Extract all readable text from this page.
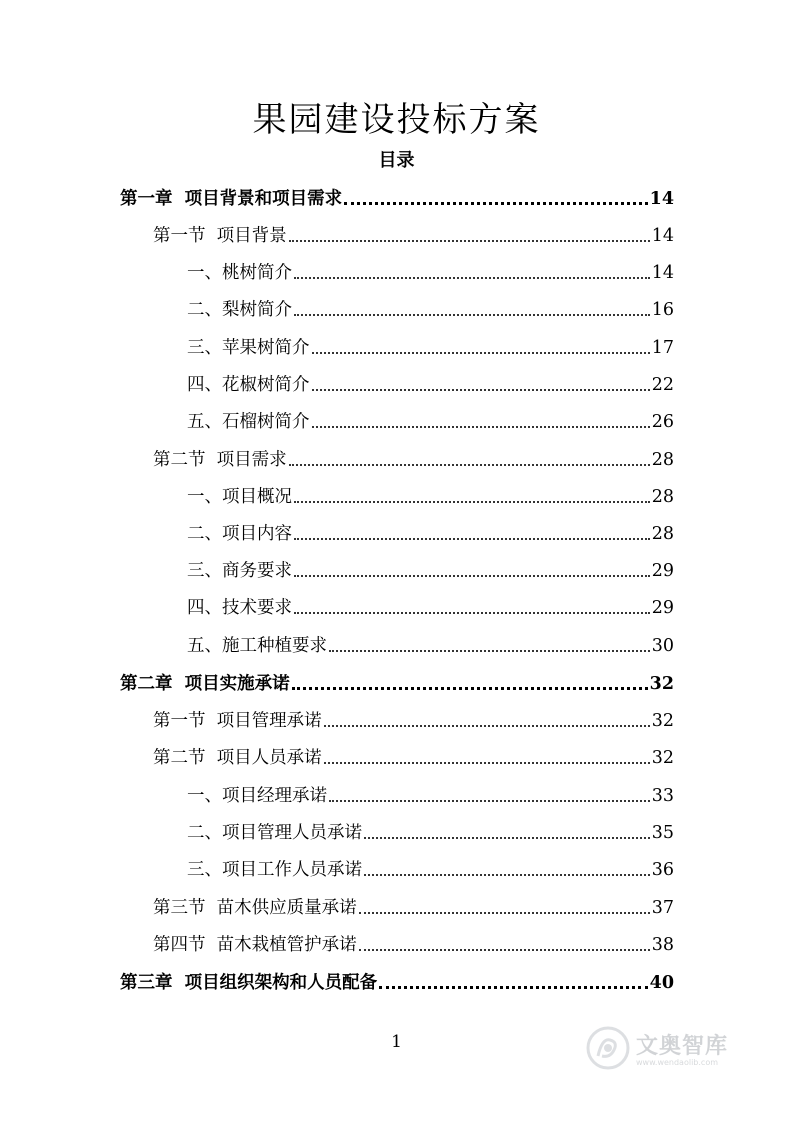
果园建设投标方案
目录
第一章  项目背景和项目需求	14
第一节  项目背景	14
一、桃树简介	14
二、梨树简介	16
三、苹果树简介	17
四、花椒树简介	22
五、石榴树简介	26
第二节  项目需求	28
一、项目概况	28
二、项目内容	28
三、商务要求	29
四、技术要求	29
五、施工种植要求	30
第二章  项目实施承诺	32
第一节  项目管理承诺	32
第二节  项目人员承诺	32
一、项目经理承诺	33
二、项目管理人员承诺	35
三、项目工作人员承诺	36
第三节  苗木供应质量承诺	37
第四节  苗木栽植管护承诺	38
第三章  项目组织架构和人员配备	40
1	文奥智库
www.wendaolib.com
